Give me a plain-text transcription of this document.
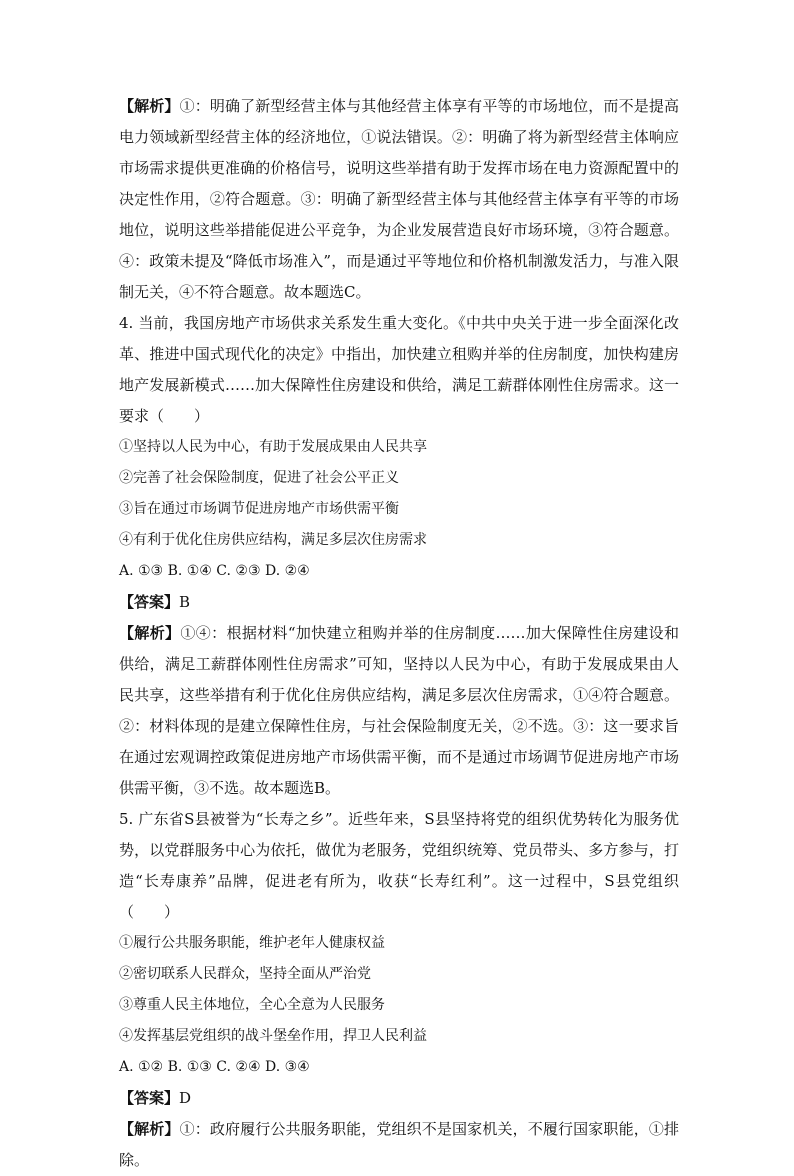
【解析】①：明确了新型经营主体与其他经营主体享有平等的市场地位，而不是提高电力领域新型经营主体的经济地位，①说法错误。②：明确了将为新型经营主体响应市场需求提供更准确的价格信号，说明这些举措有助于发挥市场在电力资源配置中的决定性作用，②符合题意。③：明确了新型经营主体与其他经营主体享有平等的市场地位，说明这些举措能促进公平竞争，为企业发展营造良好市场环境，③符合题意。④：政策未提及“降低市场准入”，而是通过平等地位和价格机制激发活力，与准入限制无关，④不符合题意。故本题选C。

4. 当前，我国房地产市场供求关系发生重大变化。《中共中央关于进一步全面深化改革、推进中国式现代化的决定》中指出，加快建立租购并举的住房制度，加快构建房地产发展新模式……加大保障性住房建设和供给，满足工薪群体刚性住房需求。这一要求（　　）

①坚持以人民为中心，有助于发展成果由人民共享

②完善了社会保险制度，促进了社会公平正义

③旨在通过市场调节促进房地产市场供需平衡

④有利于优化住房供应结构，满足多层次住房需求

A. ①③ B. ①④ C. ②③ D. ②④

【答案】B

【解析】①④：根据材料“加快建立租购并举的住房制度……加大保障性住房建设和供给，满足工薪群体刚性住房需求”可知，坚持以人民为中心，有助于发展成果由人民共享，这些举措有利于优化住房供应结构，满足多层次住房需求，①④符合题意。②：材料体现的是建立保障性住房，与社会保险制度无关，②不选。③：这一要求旨在通过宏观调控政策促进房地产市场供需平衡，而不是通过市场调节促进房地产市场供需平衡，③不选。故本题选B。

5. 广东省S县被誉为“长寿之乡”。近些年来，S县坚持将党的组织优势转化为服务优势，以党群服务中心为依托，做优为老服务，党组织统筹、党员带头、多方参与，打造“长寿康养”品牌，促进老有所为，收获“长寿红利”。这一过程中，S县党组织（　　）

①履行公共服务职能，维护老年人健康权益

②密切联系人民群众，坚持全面从严治党

③尊重人民主体地位，全心全意为人民服务

④发挥基层党组织的战斗堡垒作用，捍卫人民利益

A. ①② B. ①③ C. ②④ D. ③④

【答案】D

【解析】①：政府履行公共服务职能，党组织不是国家机关，不履行国家职能，①排除。
